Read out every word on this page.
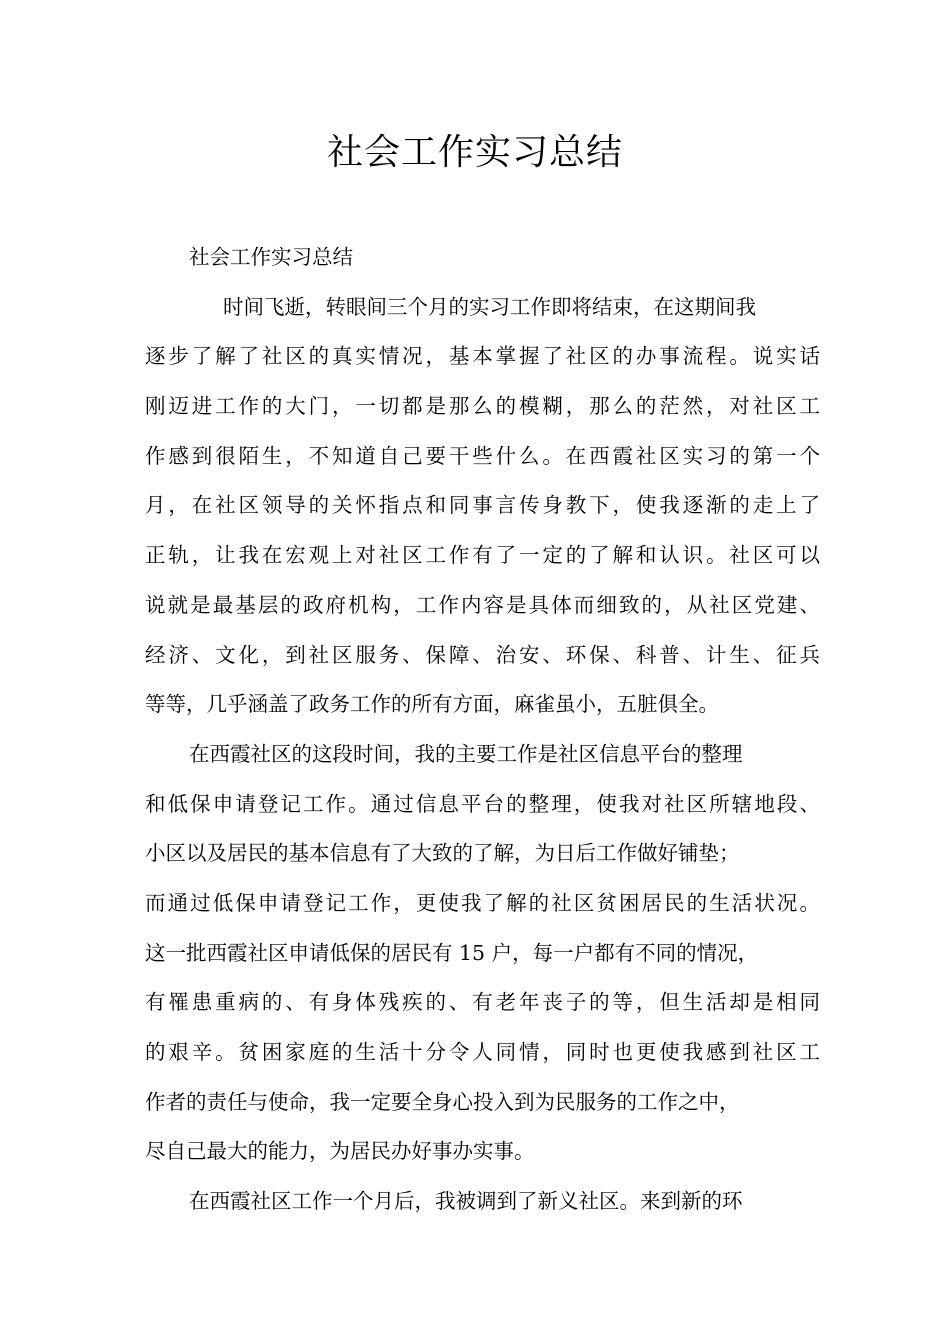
社会工作实习总结

社会工作实习总结

时间飞逝，转眼间三个月的实习工作即将结束，在这期间我

逐步了解了社区的真实情况，基本掌握了社区的办事流程。说实话

刚迈进工作的大门，一切都是那么的模糊，那么的茫然，对社区工

作感到很陌生，不知道自己要干些什么。在西霞社区实习的第一个

月，在社区领导的关怀指点和同事言传身教下，使我逐渐的走上了

正轨，让我在宏观上对社区工作有了一定的了解和认识。社区可以

说就是最基层的政府机构，工作内容是具体而细致的，从社区党建、

经济、文化，到社区服务、保障、治安、环保、科普、计生、征兵

等等，几乎涵盖了政务工作的所有方面，麻雀虽小，五脏俱全。

在西霞社区的这段时间，我的主要工作是社区信息平台的整理

和低保申请登记工作。通过信息平台的整理，使我对社区所辖地段、

小区以及居民的基本信息有了大致的了解，为日后工作做好铺垫；

而通过低保申请登记工作，更使我了解的社区贫困居民的生活状况。

这一批西霞社区申请低保的居民有 15 户，每一户都有不同的情况，

有罹患重病的、有身体残疾的、有老年丧子的等，但生活却是相同

的艰辛。贫困家庭的生活十分令人同情，同时也更使我感到社区工

作者的责任与使命，我一定要全身心投入到为民服务的工作之中，

尽自己最大的能力，为居民办好事办实事。

在西霞社区工作一个月后，我被调到了新义社区。来到新的环
